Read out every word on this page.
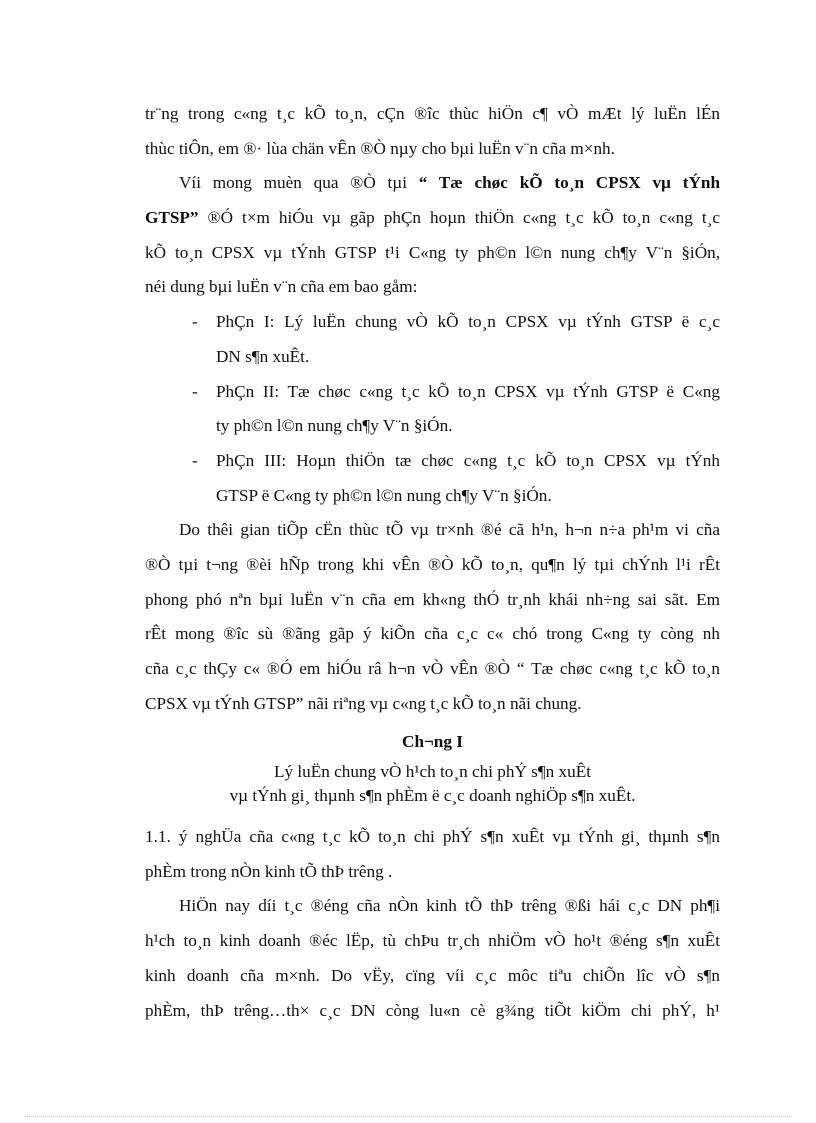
tr¨ng trong c«ng t¸c kÕ to¸n, cÇn ®îc thùc hiÖn c¶ vÒ mÆt lý luËn lÉn
thùc tiÔn, em ®· lùa chän vÊn ®Ò nµy cho bµi luËn v¨n cña m×nh.
Víi mong muèn qua ®Ò tµi “ Tæ chøc kÕ to¸n CPSX vµ tÝnh
GTSP” ®Ó t×m hiÓu vµ gãp phÇn hoµn thiÖn c«ng t¸c kÕ to¸n c«ng t¸c
kÕ to¸n CPSX vµ tÝnh GTSP t¹i C«ng ty ph©n l©n nung ch¶y V¨n §iÓn,
néi dung bµi luËn v¨n cña em bao gåm:
- PhÇn I: Lý luËn chung vÒ kÕ to¸n CPSX vµ tÝnh GTSP ë c¸c
DN s¶n xuÊt.
- PhÇn II: Tæ chøc c«ng t¸c kÕ to¸n CPSX vµ tÝnh GTSP ë C«ng
ty ph©n l©n nung ch¶y V¨n §iÓn.
- PhÇn III: Hoµn thiÖn tæ chøc c«ng t¸c kÕ to¸n CPSX vµ tÝnh
GTSP ë C«ng ty ph©n l©n nung ch¶y V¨n §iÓn.
Do thêi gian tiÕp cËn thùc tÕ vµ tr×nh ®é cã h¹n, h¬n n÷a ph¹m vi cña
®Ò tµi t¬ng ®èi hÑp trong khi vÊn ®Ò kÕ to¸n, qu¶n lý tµi chÝnh l¹i rÊt
phong phó nªn bµi luËn v¨n cña em kh«ng thÓ tr¸nh khái nh÷ng sai sãt. Em
rÊt mong ®îc sù ®ãng gãp ý kiÕn cña c¸c c« chó trong C«ng ty còng nh
cña c¸c thÇy c« ®Ó em hiÓu râ h¬n vÒ vÊn ®Ò “ Tæ chøc c«ng t¸c kÕ to¸n
CPSX vµ tÝnh GTSP” nãi riªng vµ c«ng t¸c kÕ to¸n nãi chung.
Ch¬ng I
Lý luËn chung vÒ h¹ch to¸n chi phÝ s¶n xuÊt
vµ tÝnh gi¸ thµnh s¶n phÈm ë c¸c doanh nghiÖp s¶n xuÊt.
1.1. ý nghÜa cña c«ng t¸c kÕ to¸n chi phÝ s¶n xuÊt vµ tÝnh gi¸ thµnh s¶n
phÈm trong nÒn kinh tÕ thÞ trêng .
HiÖn nay díi t¸c ®éng cña nÒn kinh tÕ thÞ trêng ®ßi hái c¸c DN ph¶i
h¹ch to¸n kinh doanh ®éc lËp, tù chÞu tr¸ch nhiÖm vÒ ho¹t ®éng s¶n xuÊt
kinh doanh cña m×nh. Do vËy, cïng víi c¸c môc tiªu chiÕn lîc vÒ s¶n
phÈm, thÞ trêng…th× c¸c DN còng lu«n cè g¾ng tiÕt kiÖm chi phÝ, h¹
